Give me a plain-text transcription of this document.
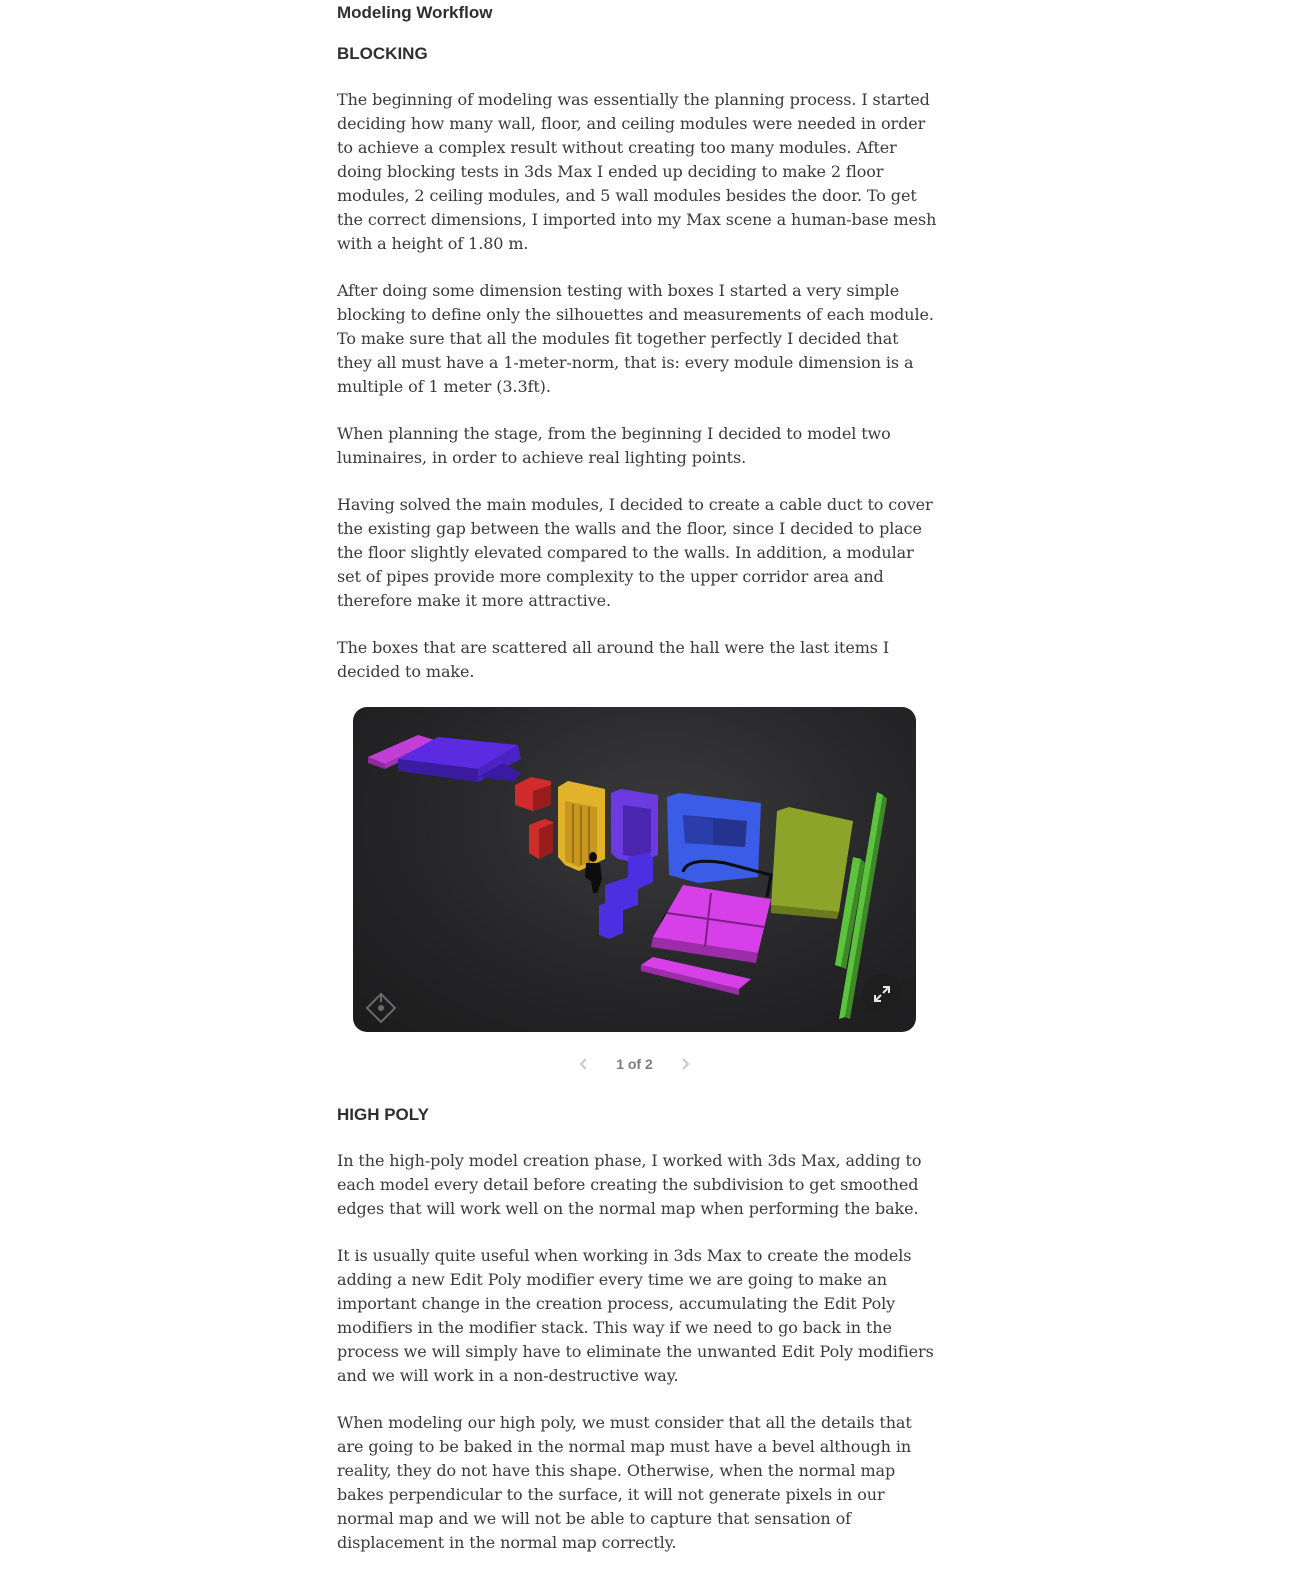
Modeling Workflow
BLOCKING

The beginning of modeling was essentially the planning process. I started deciding how many wall, floor, and ceiling modules were needed in order to achieve a complex result without creating too many modules. After doing blocking tests in 3ds Max I ended up deciding to make 2 floor modules, 2 ceiling modules, and 5 wall modules besides the door. To get the correct dimensions, I imported into my Max scene a human-base mesh with a height of 1.80 m.

After doing some dimension testing with boxes I started a very simple blocking to define only the silhouettes and measurements of each module. To make sure that all the modules fit together perfectly I decided that they all must have a 1-meter-norm, that is: every module dimension is a multiple of 1 meter (3.3ft).

When planning the stage, from the beginning I decided to model two luminaires, in order to achieve real lighting points.

Having solved the main modules, I decided to create a cable duct to cover the existing gap between the walls and the floor, since I decided to place the floor slightly elevated compared to the walls. In addition, a modular set of pipes provide more complexity to the upper corridor area and therefore make it more attractive.

The boxes that are scattered all around the hall were the last items I decided to make.

1 of 2
HIGH POLY

In the high-poly model creation phase, I worked with 3ds Max, adding to each model every detail before creating the subdivision to get smoothed edges that will work well on the normal map when performing the bake.

It is usually quite useful when working in 3ds Max to create the models adding a new Edit Poly modifier every time we are going to make an important change in the creation process, accumulating the Edit Poly modifiers in the modifier stack. This way if we need to go back in the process we will simply have to eliminate the unwanted Edit Poly modifiers and we will work in a non-destructive way.

When modeling our high poly, we must consider that all the details that are going to be baked in the normal map must have a bevel although in reality, they do not have this shape. Otherwise, when the normal map bakes perpendicular to the surface, it will not generate pixels in our normal map and we will not be able to capture that sensation of displacement in the normal map correctly.
